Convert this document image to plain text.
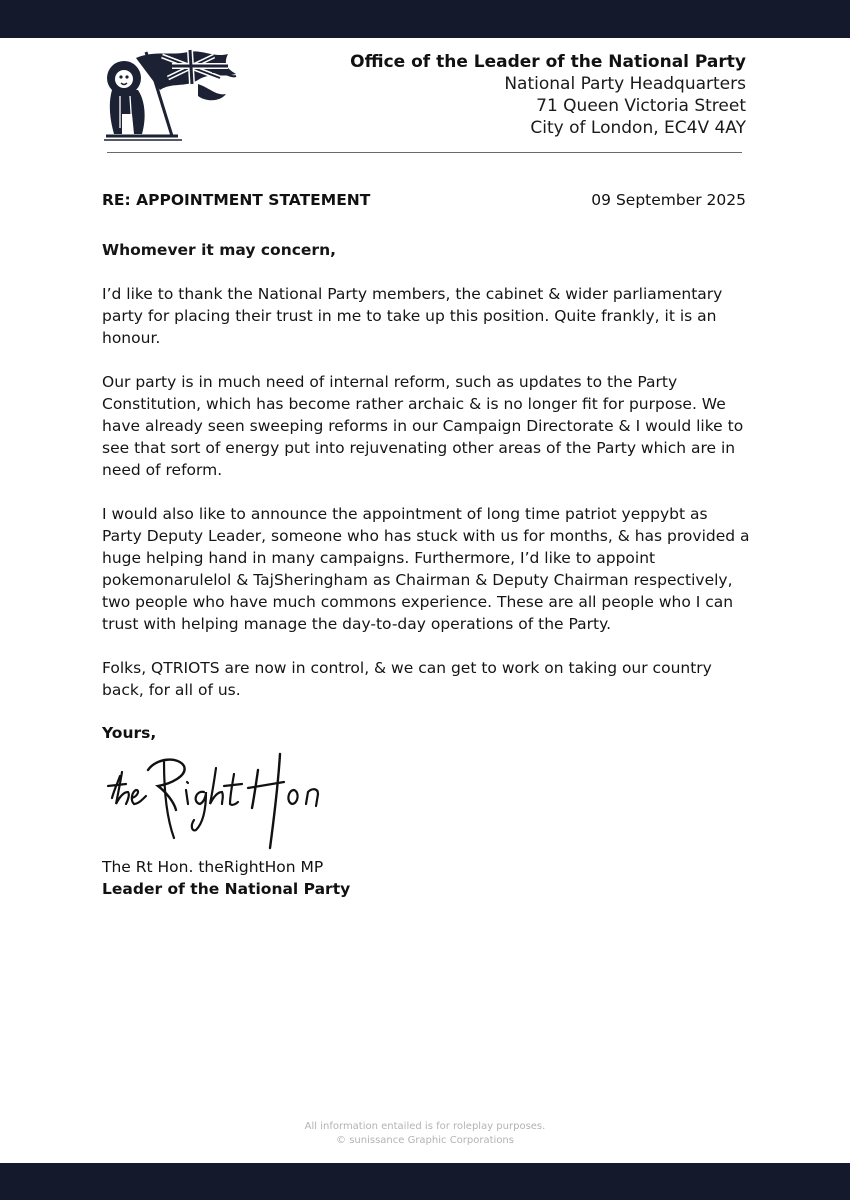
Office of the Leader of the National Party
National Party Headquarters
71 Queen Victoria Street
City of London, EC4V 4AY
RE: APPOINTMENT STATEMENT	09 September 2025

Whomever it may concern,

I’d like to thank the National Party members, the cabinet & wider parliamentary party for placing their trust in me to take up this position. Quite frankly, it is an honour.

Our party is in much need of internal reform, such as updates to the Party Constitution, which has become rather archaic & is no longer fit for purpose. We have already seen sweeping reforms in our Campaign Directorate & I would like to see that sort of energy put into rejuvenating other areas of the Party which are in need of reform.

I would also like to announce the appointment of long time patriot yeppybt as Party Deputy Leader, someone who has stuck with us for months, & has provided a huge helping hand in many campaigns. Furthermore, I’d like to appoint pokemonarulelol & TajSheringham as Chairman & Deputy Chairman respectively, two people who have much commons experience. These are all people who I can trust with helping manage the day-to-day operations of the Party.

Folks, QTRIOTS are now in control, & we can get to work on taking our country back, for all of us.

Yours,
The Rt Hon. theRightHon MP
Leader of the National Party
All information entailed is for roleplay purposes.
© sunissance Graphic Corporations
